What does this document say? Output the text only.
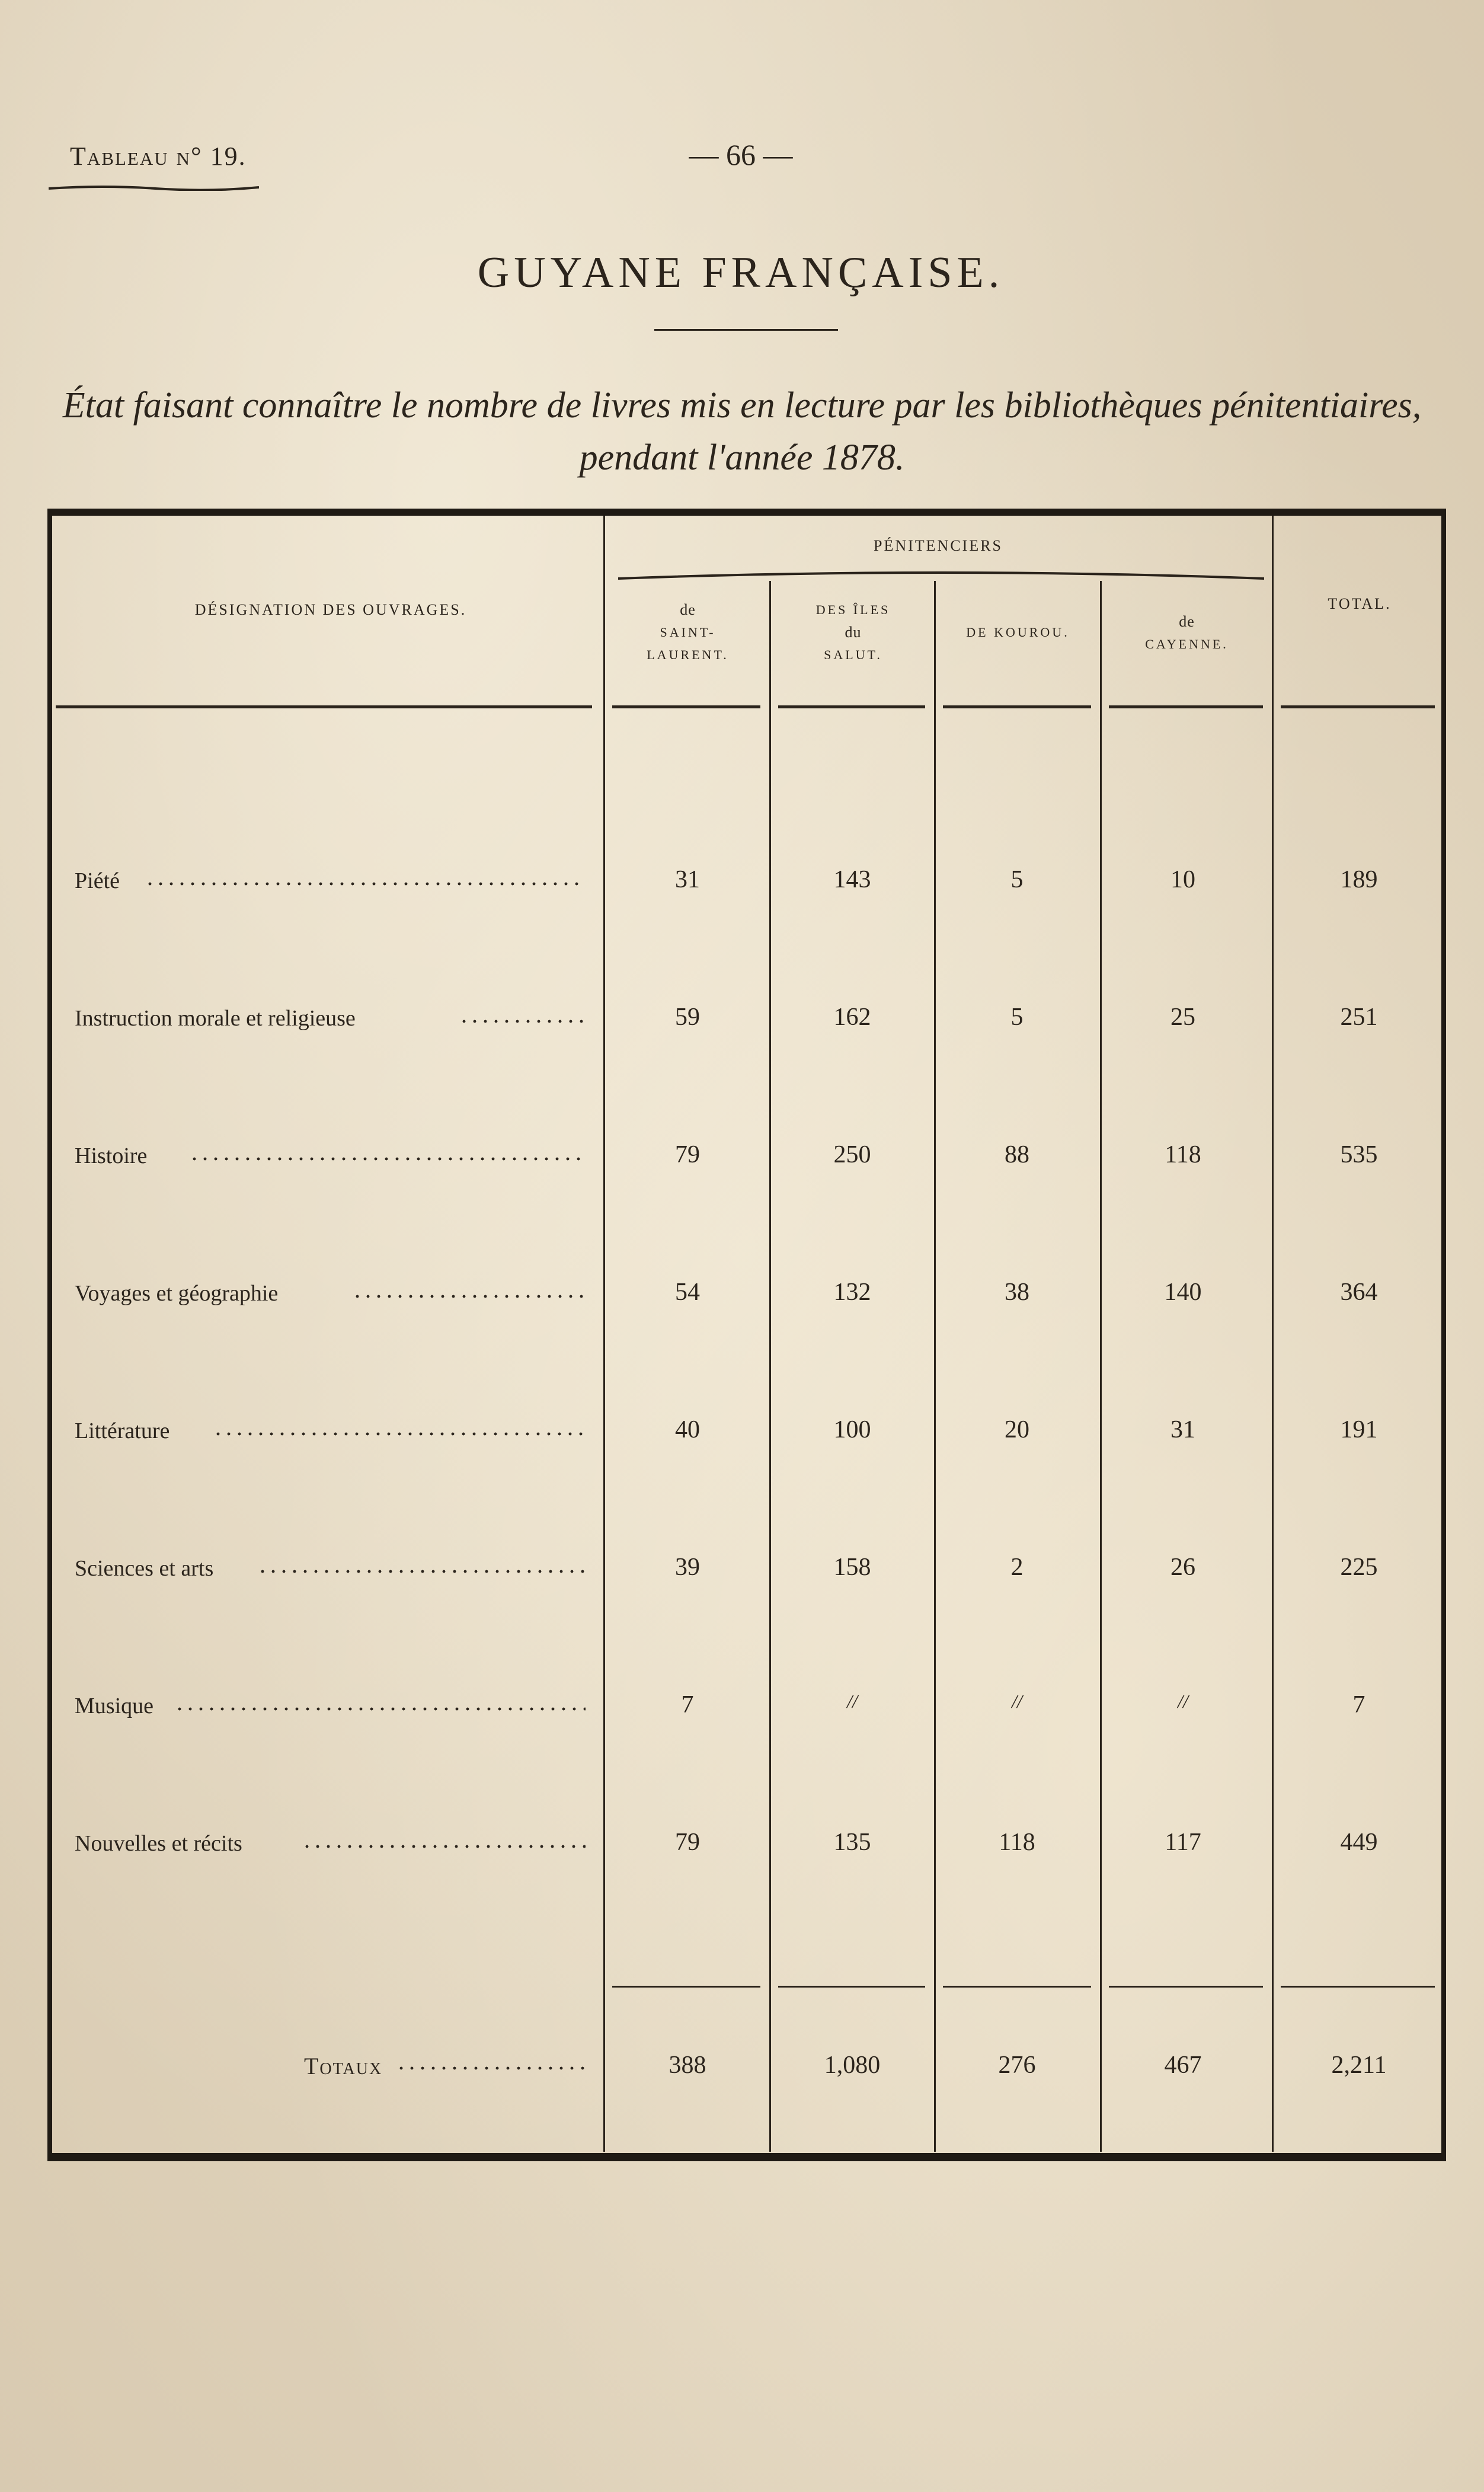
Tableau n° 19.	— 66 —
GUYANE FRANÇAISE.
État faisant connaître le nombre de livres mis en lecture par les bibliothèques pénitentiaires,
pendant l'année 1878.
DÉSIGNATION DES OUVRAGES.
PÉNITENCIERS
TOTAL.
de
SAINT-
LAURENT.
DES ÎLES
du
SALUT.
DE KOUROU.
de
CAYENNE.
Piété	31	143	5	10	189
Instruction morale et religieuse	59	162	5	25	251
Histoire	79	250	88	118	535
Voyages et géographie	54	132	38	140	364
Littérature	40	100	20	31	191
Sciences et arts	39	158	2	26	225
Musique	7	//	//	//	7
Nouvelles et récits	79	135	118	117	449
Totaux	388	1,080	276	467	2,211
